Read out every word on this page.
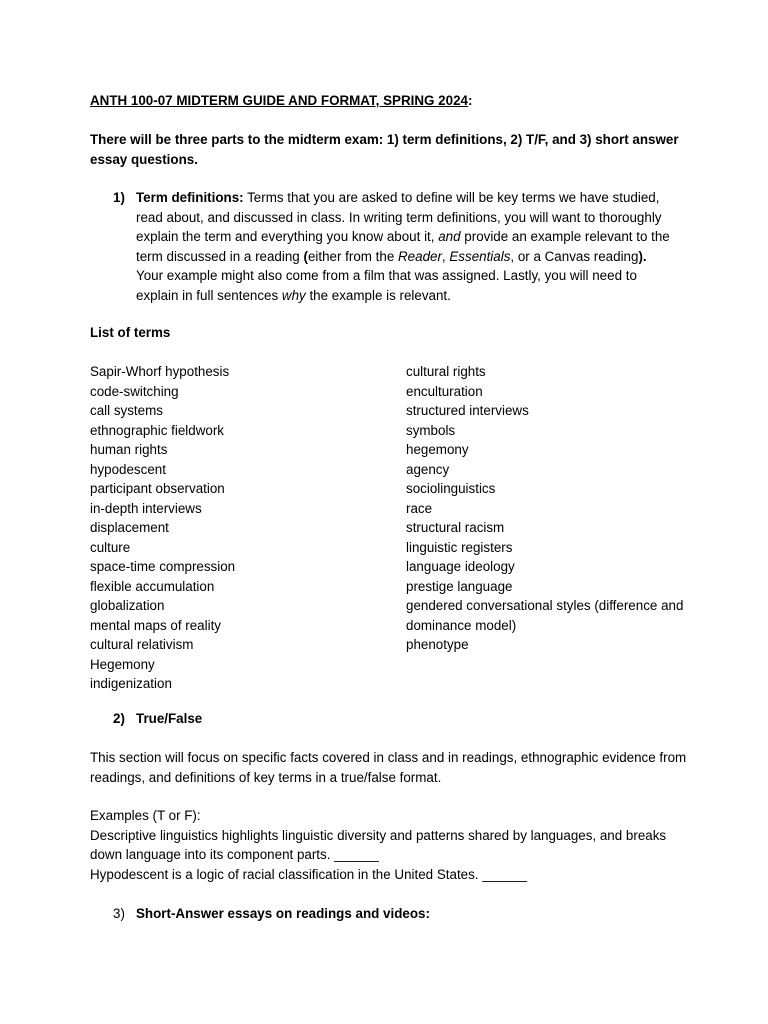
ANTH 100-07 MIDTERM GUIDE AND FORMAT, SPRING 2024:
There will be three parts to the midterm exam: 1) term definitions, 2) T/F, and 3) short answer essay questions.
1) Term definitions: Terms that you are asked to define will be key terms we have studied, read about, and discussed in class. In writing term definitions, you will want to thoroughly explain the term and everything you know about it, and provide an example relevant to the term discussed in a reading (either from the Reader, Essentials, or a Canvas reading). Your example might also come from a film that was assigned. Lastly, you will need to explain in full sentences why the example is relevant.
List of terms
Sapir-Whorf hypothesis
code-switching
call systems
ethnographic fieldwork
human rights
hypodescent
participant observation
in-depth interviews
displacement
culture
space-time compression
flexible accumulation
globalization
mental maps of reality
cultural relativism
Hegemony
indigenization
cultural rights
enculturation
structured interviews
symbols
hegemony
agency
sociolinguistics
race
structural racism
linguistic registers
language ideology
prestige language
gendered conversational styles (difference and dominance model)
phenotype
2) True/False
This section will focus on specific facts covered in class and in readings, ethnographic evidence from readings, and definitions of key terms in a true/false format.
Examples (T or F):
Descriptive linguistics highlights linguistic diversity and patterns shared by languages, and breaks down language into its component parts. ______
Hypodescent is a logic of racial classification in the United States. ______
3) Short-Answer essays on readings and videos:
